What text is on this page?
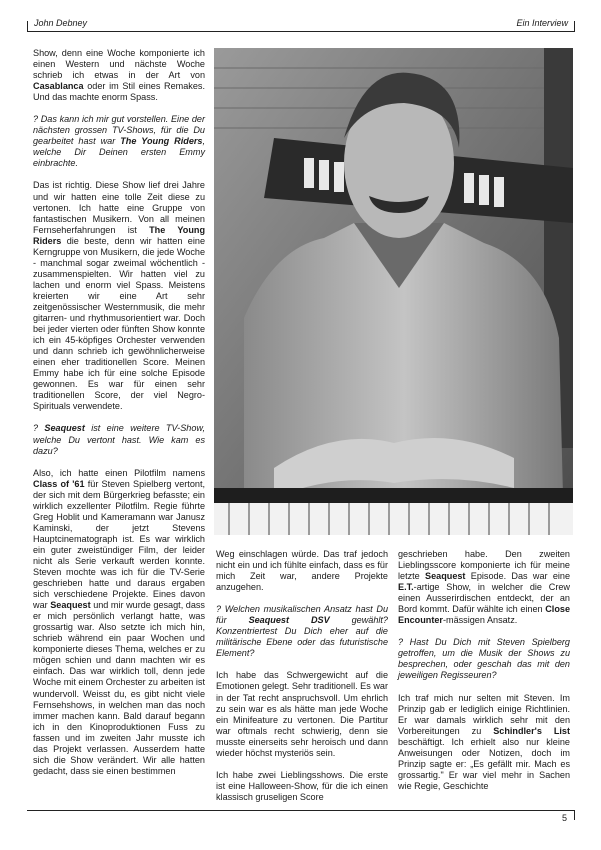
John Debney	Ein Interview

Show, denn eine Woche komponierte ich einen Western und nächste Woche schrieb ich etwas in der Art von Casablanca oder im Stil eines Remakes. Und das machte enorm Spass.

? Das kann ich mir gut vorstellen. Eine der nächsten grossen TV-Shows, für die Du gearbeitet hast war The Young Riders, welche Dir Deinen ersten Emmy einbrachte.

Das ist richtig. Diese Show lief drei Jahre und wir hatten eine tolle Zeit diese zu vertonen. Ich hatte eine Gruppe von fantastischen Musikern. Von all meinen Fernseherfahrungen ist The Young Riders die beste, denn wir hatten eine Kerngruppe von Musikern, die jede Woche - manchmal sogar zweimal wöchentlich - zusammenspielten. Wir hatten viel zu lachen und enorm viel Spass. Meistens kreierten wir eine Art sehr zeitgenössischer Westernmusik, die mehr gitarren- und rhythmusorientiert war. Doch bei jeder vierten oder fünften Show konnte ich ein 45-köpfiges Orchester verwenden und dann schrieb ich gewöhnlicherweise einen eher traditionellen Score. Meinen Emmy habe ich für eine solche Episode gewonnen. Es war für einen sehr traditionellen Score, der viel Negro-Spirituals verwendete.

? Seaquest ist eine weitere TV-Show, welche Du vertont hast. Wie kam es dazu?

Also, ich hatte einen Pilotfilm namens Class of '61 für Steven Spielberg vertont, der sich mit dem Bürgerkrieg befasste; ein wirklich exzellenter Pilotfilm. Regie führte Greg Hoblit und Kameramann war Janusz Kaminski, der jetzt Stevens Hauptcinematograph ist. Es war wirklich ein guter zweistündiger Film, der leider nicht als Serie verkauft werden konnte. Steven mochte was ich für die TV-Serie geschrieben hatte und daraus ergaben sich verschiedene Projekte. Eines davon war Seaquest und mir wurde gesagt, dass er mich persönlich verlangt hatte, was grossartig war. Also setzte ich mich hin, schrieb während ein paar Wochen und komponierte dieses Thema, welches er zu mögen schien und dann machten wir es einfach. Das war wirklich toll, denn jede Woche mit einem Orchester zu arbeiten ist wundervoll. Weisst du, es gibt nicht viele Fernsehshows, in welchen man das noch immer machen kann. Bald darauf begann ich in den Kinoproduktionen Fuss zu fassen und im zweiten Jahr musste ich das Projekt verlassen. Ausserdem hatte sich die Show verändert. Wir alle hatten gedacht, dass sie einen bestimmen

Weg einschlagen würde. Das traf jedoch nicht ein und ich fühlte einfach, dass es für mich Zeit war, andere Projekte anzugehen.

? Welchen musikalischen Ansatz hast Du für Seaquest DSV gewählt? Konzentriertest Du Dich eher auf die militärische Ebene oder das futuristische Element?

Ich habe das Schwergewicht auf die Emotionen gelegt. Sehr traditionell. Es war in der Tat recht anspruchsvoll. Um ehrlich zu sein war es als hätte man jede Woche ein Minifeature zu vertonen. Die Partitur war oftmals recht schwierig, denn sie musste einerseits sehr heroisch und dann wieder höchst mysteriös sein.

Ich habe zwei Lieblingsshows. Die erste ist eine Halloween-Show, für die ich einen klassisch gruseligen Score

geschrieben habe. Den zweiten Lieblingsscore komponierte ich für meine letzte Seaquest Episode. Das war eine E.T.-artige Show, in welcher die Crew einen Ausserirdischen entdeckt, der an Bord kommt. Dafür wählte ich einen Close Encounter-mässigen Ansatz.

? Hast Du Dich mit Steven Spielberg getroffen, um die Musik der Shows zu besprechen, oder geschah das mit den jeweiligen Regisseuren?

Ich traf mich nur selten mit Steven. Im Prinzip gab er lediglich einige Richtlinien. Er war damals wirklich sehr mit den Vorbereitungen zu Schindler's List beschäftigt. Ich erhielt also nur kleine Anweisungen oder Notizen, doch im Prinzip sagte er: „Es gefällt mir. Mach es grossartig." Er war viel mehr in Sachen wie Regie, Geschichte

5
